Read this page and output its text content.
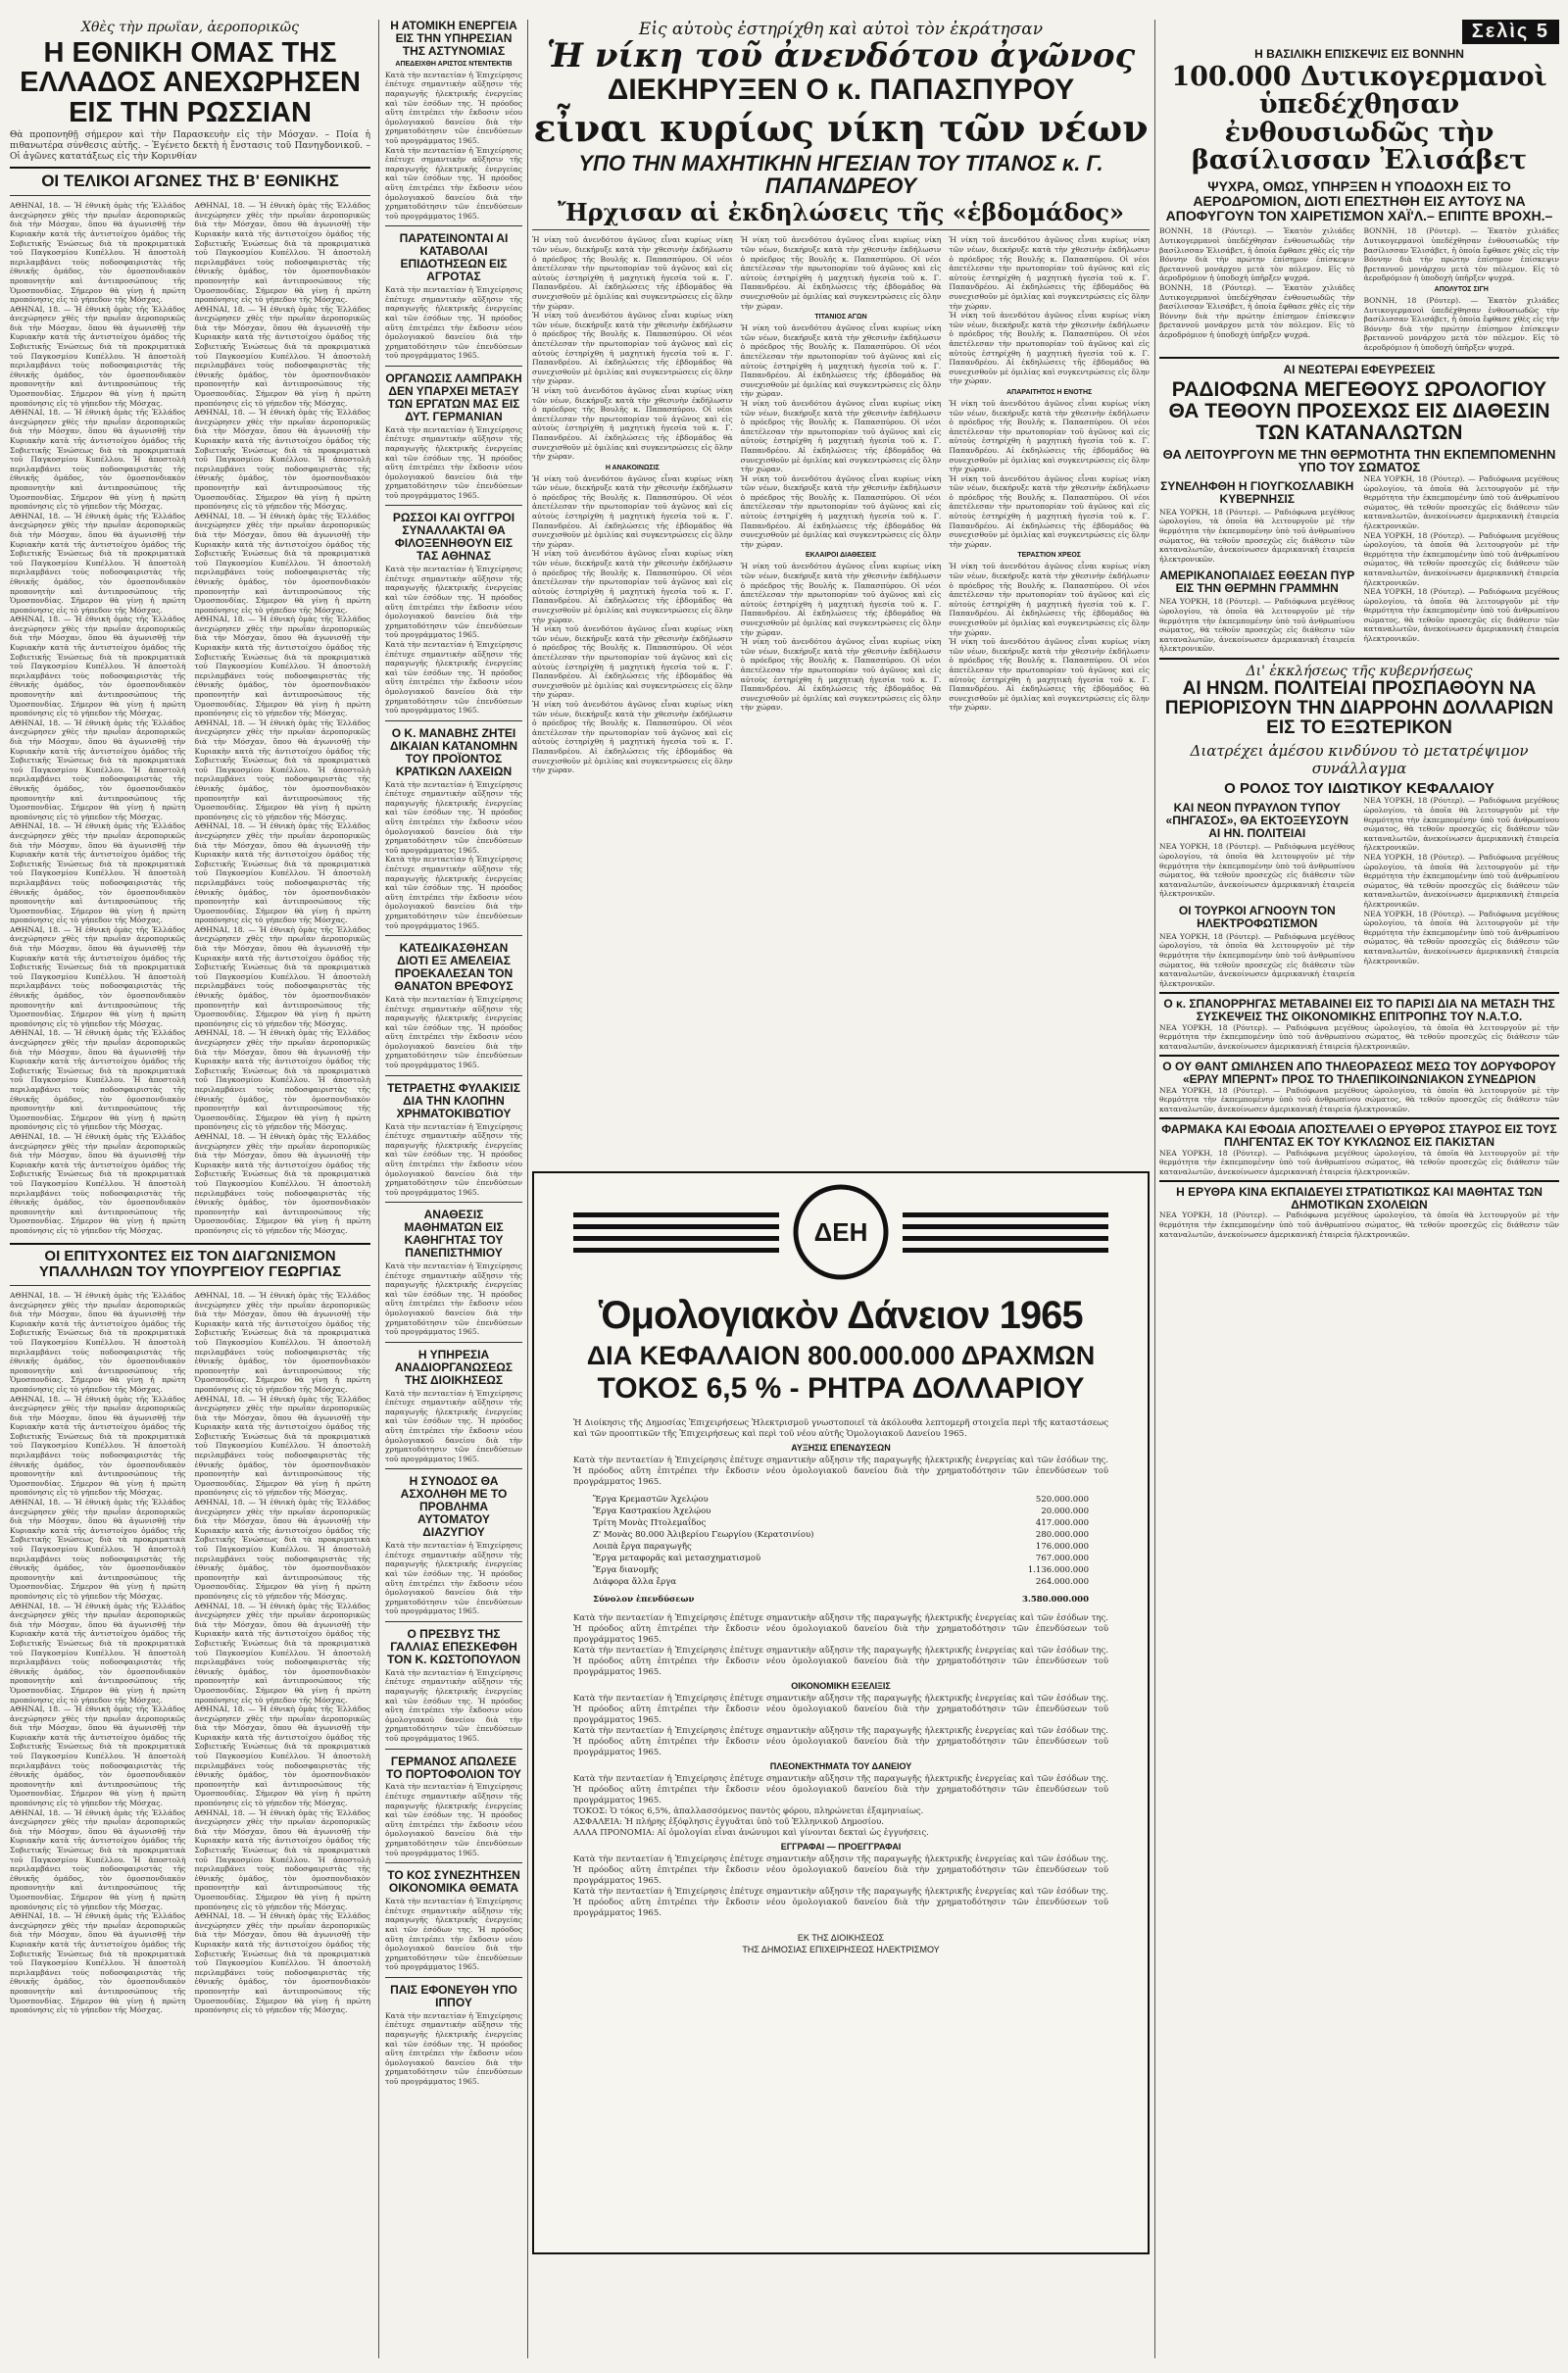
Χθὲς τὴν πρωΐαν, ἀεροπορικῶς

Η ΕΘΝΙΚΗ ΟΜΑΣ ΤΗΣ ΕΛΛΑΔΟΣ ΑΝΕΧΩΡΗΣΕΝ ΕΙΣ ΤΗΝ ΡΩΣΣΙΑΝ

Θὰ προπονηθῇ σήμερον καὶ τὴν Παρασκευὴν εἰς τὴν Μόσχαν. – Ποία ἡ πιθανωτέρα σύνθεσις αὐτῆς. – Ἐγένετο δεκτὴ ἡ ἔνστασις τοῦ Πανηγδονικοῦ. – Οἱ ἀγῶνες κατατάξεως εἰς τὴν Κορινθίαν

ΟΙ ΤΕΛΙΚΟΙ ΑΓΩΝΕΣ ΤΗΣ Β' ΕΘΝΙΚΗΣ

ΑΘΗΝΑΙ, 18. — Ἡ ἐθνικὴ ὁμὰς τῆς Ἑλλάδος ἀνεχώρησεν χθὲς τὴν πρωΐαν ἀεροπορικῶς διὰ τὴν Μόσχαν, ὅπου θὰ ἀγωνισθῇ τὴν Κυριακὴν κατὰ τῆς ἀντιστοίχου ὁμάδος τῆς Σοβιετικῆς Ἑνώσεως διὰ τὰ προκριματικὰ τοῦ Παγκοσμίου Κυπέλλου. Ἡ ἀποστολὴ περιλαμβάνει τοὺς ποδοσφαιριστὰς τῆς ἐθνικῆς ὁμάδος, τὸν ὁμοσπονδιακὸν προπονητὴν καὶ ἀντιπροσώπους τῆς Ὁμοσπονδίας. Σήμερον θὰ γίνῃ ἡ πρώτη προπόνησις εἰς τὸ γήπεδον τῆς Μόσχας.

ΑΘΗΝΑΙ, 18. — Ἡ ἐθνικὴ ὁμὰς τῆς Ἑλλάδος ἀνεχώρησεν χθὲς τὴν πρωΐαν ἀεροπορικῶς διὰ τὴν Μόσχαν, ὅπου θὰ ἀγωνισθῇ τὴν Κυριακὴν κατὰ τῆς ἀντιστοίχου ὁμάδος τῆς Σοβιετικῆς Ἑνώσεως διὰ τὰ προκριματικὰ τοῦ Παγκοσμίου Κυπέλλου. Ἡ ἀποστολὴ περιλαμβάνει τοὺς ποδοσφαιριστὰς τῆς ἐθνικῆς ὁμάδος, τὸν ὁμοσπονδιακὸν προπονητὴν καὶ ἀντιπροσώπους τῆς Ὁμοσπονδίας. Σήμερον θὰ γίνῃ ἡ πρώτη προπόνησις εἰς τὸ γήπεδον τῆς Μόσχας.

ΑΘΗΝΑΙ, 18. — Ἡ ἐθνικὴ ὁμὰς τῆς Ἑλλάδος ἀνεχώρησεν χθὲς τὴν πρωΐαν ἀεροπορικῶς διὰ τὴν Μόσχαν, ὅπου θὰ ἀγωνισθῇ τὴν Κυριακὴν κατὰ τῆς ἀντιστοίχου ὁμάδος τῆς Σοβιετικῆς Ἑνώσεως διὰ τὰ προκριματικὰ τοῦ Παγκοσμίου Κυπέλλου. Ἡ ἀποστολὴ περιλαμβάνει τοὺς ποδοσφαιριστὰς τῆς ἐθνικῆς ὁμάδος, τὸν ὁμοσπονδιακὸν προπονητὴν καὶ ἀντιπροσώπους τῆς Ὁμοσπονδίας. Σήμερον θὰ γίνῃ ἡ πρώτη προπόνησις εἰς τὸ γήπεδον τῆς Μόσχας.

ΑΘΗΝΑΙ, 18. — Ἡ ἐθνικὴ ὁμὰς τῆς Ἑλλάδος ἀνεχώρησεν χθὲς τὴν πρωΐαν ἀεροπορικῶς διὰ τὴν Μόσχαν, ὅπου θὰ ἀγωνισθῇ τὴν Κυριακὴν κατὰ τῆς ἀντιστοίχου ὁμάδος τῆς Σοβιετικῆς Ἑνώσεως διὰ τὰ προκριματικὰ τοῦ Παγκοσμίου Κυπέλλου. Ἡ ἀποστολὴ περιλαμβάνει τοὺς ποδοσφαιριστὰς τῆς ἐθνικῆς ὁμάδος, τὸν ὁμοσπονδιακὸν προπονητὴν καὶ ἀντιπροσώπους τῆς Ὁμοσπονδίας. Σήμερον θὰ γίνῃ ἡ πρώτη προπόνησις εἰς τὸ γήπεδον τῆς Μόσχας.

ΑΘΗΝΑΙ, 18. — Ἡ ἐθνικὴ ὁμὰς τῆς Ἑλλάδος ἀνεχώρησεν χθὲς τὴν πρωΐαν ἀεροπορικῶς διὰ τὴν Μόσχαν, ὅπου θὰ ἀγωνισθῇ τὴν Κυριακὴν κατὰ τῆς ἀντιστοίχου ὁμάδος τῆς Σοβιετικῆς Ἑνώσεως διὰ τὰ προκριματικὰ τοῦ Παγκοσμίου Κυπέλλου. Ἡ ἀποστολὴ περιλαμβάνει τοὺς ποδοσφαιριστὰς τῆς ἐθνικῆς ὁμάδος, τὸν ὁμοσπονδιακὸν προπονητὴν καὶ ἀντιπροσώπους τῆς Ὁμοσπονδίας. Σήμερον θὰ γίνῃ ἡ πρώτη προπόνησις εἰς τὸ γήπεδον τῆς Μόσχας.

ΑΘΗΝΑΙ, 18. — Ἡ ἐθνικὴ ὁμὰς τῆς Ἑλλάδος ἀνεχώρησεν χθὲς τὴν πρωΐαν ἀεροπορικῶς διὰ τὴν Μόσχαν, ὅπου θὰ ἀγωνισθῇ τὴν Κυριακὴν κατὰ τῆς ἀντιστοίχου ὁμάδος τῆς Σοβιετικῆς Ἑνώσεως διὰ τὰ προκριματικὰ τοῦ Παγκοσμίου Κυπέλλου. Ἡ ἀποστολὴ περιλαμβάνει τοὺς ποδοσφαιριστὰς τῆς ἐθνικῆς ὁμάδος, τὸν ὁμοσπονδιακὸν προπονητὴν καὶ ἀντιπροσώπους τῆς Ὁμοσπονδίας. Σήμερον θὰ γίνῃ ἡ πρώτη προπόνησις εἰς τὸ γήπεδον τῆς Μόσχας.

ΑΘΗΝΑΙ, 18. — Ἡ ἐθνικὴ ὁμὰς τῆς Ἑλλάδος ἀνεχώρησεν χθὲς τὴν πρωΐαν ἀεροπορικῶς διὰ τὴν Μόσχαν, ὅπου θὰ ἀγωνισθῇ τὴν Κυριακὴν κατὰ τῆς ἀντιστοίχου ὁμάδος τῆς Σοβιετικῆς Ἑνώσεως διὰ τὰ προκριματικὰ τοῦ Παγκοσμίου Κυπέλλου. Ἡ ἀποστολὴ περιλαμβάνει τοὺς ποδοσφαιριστὰς τῆς ἐθνικῆς ὁμάδος, τὸν ὁμοσπονδιακὸν προπονητὴν καὶ ἀντιπροσώπους τῆς Ὁμοσπονδίας. Σήμερον θὰ γίνῃ ἡ πρώτη προπόνησις εἰς τὸ γήπεδον τῆς Μόσχας.

ΑΘΗΝΑΙ, 18. — Ἡ ἐθνικὴ ὁμὰς τῆς Ἑλλάδος ἀνεχώρησεν χθὲς τὴν πρωΐαν ἀεροπορικῶς διὰ τὴν Μόσχαν, ὅπου θὰ ἀγωνισθῇ τὴν Κυριακὴν κατὰ τῆς ἀντιστοίχου ὁμάδος τῆς Σοβιετικῆς Ἑνώσεως διὰ τὰ προκριματικὰ τοῦ Παγκοσμίου Κυπέλλου. Ἡ ἀποστολὴ περιλαμβάνει τοὺς ποδοσφαιριστὰς τῆς ἐθνικῆς ὁμάδος, τὸν ὁμοσπονδιακὸν προπονητὴν καὶ ἀντιπροσώπους τῆς Ὁμοσπονδίας. Σήμερον θὰ γίνῃ ἡ πρώτη προπόνησις εἰς τὸ γήπεδον τῆς Μόσχας.

ΑΘΗΝΑΙ, 18. — Ἡ ἐθνικὴ ὁμὰς τῆς Ἑλλάδος ἀνεχώρησεν χθὲς τὴν πρωΐαν ἀεροπορικῶς διὰ τὴν Μόσχαν, ὅπου θὰ ἀγωνισθῇ τὴν Κυριακὴν κατὰ τῆς ἀντιστοίχου ὁμάδος τῆς Σοβιετικῆς Ἑνώσεως διὰ τὰ προκριματικὰ τοῦ Παγκοσμίου Κυπέλλου. Ἡ ἀποστολὴ περιλαμβάνει τοὺς ποδοσφαιριστὰς τῆς ἐθνικῆς ὁμάδος, τὸν ὁμοσπονδιακὸν προπονητὴν καὶ ἀντιπροσώπους τῆς Ὁμοσπονδίας. Σήμερον θὰ γίνῃ ἡ πρώτη προπόνησις εἰς τὸ γήπεδον τῆς Μόσχας.

ΑΘΗΝΑΙ, 18. — Ἡ ἐθνικὴ ὁμὰς τῆς Ἑλλάδος ἀνεχώρησεν χθὲς τὴν πρωΐαν ἀεροπορικῶς διὰ τὴν Μόσχαν, ὅπου θὰ ἀγωνισθῇ τὴν Κυριακὴν κατὰ τῆς ἀντιστοίχου ὁμάδος τῆς Σοβιετικῆς Ἑνώσεως διὰ τὰ προκριματικὰ τοῦ Παγκοσμίου Κυπέλλου. Ἡ ἀποστολὴ περιλαμβάνει τοὺς ποδοσφαιριστὰς τῆς ἐθνικῆς ὁμάδος, τὸν ὁμοσπονδιακὸν προπονητὴν καὶ ἀντιπροσώπους τῆς Ὁμοσπονδίας. Σήμερον θὰ γίνῃ ἡ πρώτη προπόνησις εἰς τὸ γήπεδον τῆς Μόσχας.

ΑΘΗΝΑΙ, 18. — Ἡ ἐθνικὴ ὁμὰς τῆς Ἑλλάδος ἀνεχώρησεν χθὲς τὴν πρωΐαν ἀεροπορικῶς διὰ τὴν Μόσχαν, ὅπου θὰ ἀγωνισθῇ τὴν Κυριακὴν κατὰ τῆς ἀντιστοίχου ὁμάδος τῆς Σοβιετικῆς Ἑνώσεως διὰ τὰ προκριματικὰ τοῦ Παγκοσμίου Κυπέλλου. Ἡ ἀποστολὴ περιλαμβάνει τοὺς ποδοσφαιριστὰς τῆς ἐθνικῆς ὁμάδος, τὸν ὁμοσπονδιακὸν προπονητὴν καὶ ἀντιπροσώπους τῆς Ὁμοσπονδίας. Σήμερον θὰ γίνῃ ἡ πρώτη προπόνησις εἰς τὸ γήπεδον τῆς Μόσχας.

ΑΘΗΝΑΙ, 18. — Ἡ ἐθνικὴ ὁμὰς τῆς Ἑλλάδος ἀνεχώρησεν χθὲς τὴν πρωΐαν ἀεροπορικῶς διὰ τὴν Μόσχαν, ὅπου θὰ ἀγωνισθῇ τὴν Κυριακὴν κατὰ τῆς ἀντιστοίχου ὁμάδος τῆς Σοβιετικῆς Ἑνώσεως διὰ τὰ προκριματικὰ τοῦ Παγκοσμίου Κυπέλλου. Ἡ ἀποστολὴ περιλαμβάνει τοὺς ποδοσφαιριστὰς τῆς ἐθνικῆς ὁμάδος, τὸν ὁμοσπονδιακὸν προπονητὴν καὶ ἀντιπροσώπους τῆς Ὁμοσπονδίας. Σήμερον θὰ γίνῃ ἡ πρώτη προπόνησις εἰς τὸ γήπεδον τῆς Μόσχας.

ΑΘΗΝΑΙ, 18. — Ἡ ἐθνικὴ ὁμὰς τῆς Ἑλλάδος ἀνεχώρησεν χθὲς τὴν πρωΐαν ἀεροπορικῶς διὰ τὴν Μόσχαν, ὅπου θὰ ἀγωνισθῇ τὴν Κυριακὴν κατὰ τῆς ἀντιστοίχου ὁμάδος τῆς Σοβιετικῆς Ἑνώσεως διὰ τὰ προκριματικὰ τοῦ Παγκοσμίου Κυπέλλου. Ἡ ἀποστολὴ περιλαμβάνει τοὺς ποδοσφαιριστὰς τῆς ἐθνικῆς ὁμάδος, τὸν ὁμοσπονδιακὸν προπονητὴν καὶ ἀντιπροσώπους τῆς Ὁμοσπονδίας. Σήμερον θὰ γίνῃ ἡ πρώτη προπόνησις εἰς τὸ γήπεδον τῆς Μόσχας.

ΑΘΗΝΑΙ, 18. — Ἡ ἐθνικὴ ὁμὰς τῆς Ἑλλάδος ἀνεχώρησεν χθὲς τὴν πρωΐαν ἀεροπορικῶς διὰ τὴν Μόσχαν, ὅπου θὰ ἀγωνισθῇ τὴν Κυριακὴν κατὰ τῆς ἀντιστοίχου ὁμάδος τῆς Σοβιετικῆς Ἑνώσεως διὰ τὰ προκριματικὰ τοῦ Παγκοσμίου Κυπέλλου. Ἡ ἀποστολὴ περιλαμβάνει τοὺς ποδοσφαιριστὰς τῆς ἐθνικῆς ὁμάδος, τὸν ὁμοσπονδιακὸν προπονητὴν καὶ ἀντιπροσώπους τῆς Ὁμοσπονδίας. Σήμερον θὰ γίνῃ ἡ πρώτη προπόνησις εἰς τὸ γήπεδον τῆς Μόσχας.

ΑΘΗΝΑΙ, 18. — Ἡ ἐθνικὴ ὁμὰς τῆς Ἑλλάδος ἀνεχώρησεν χθὲς τὴν πρωΐαν ἀεροπορικῶς διὰ τὴν Μόσχαν, ὅπου θὰ ἀγωνισθῇ τὴν Κυριακὴν κατὰ τῆς ἀντιστοίχου ὁμάδος τῆς Σοβιετικῆς Ἑνώσεως διὰ τὰ προκριματικὰ τοῦ Παγκοσμίου Κυπέλλου. Ἡ ἀποστολὴ περιλαμβάνει τοὺς ποδοσφαιριστὰς τῆς ἐθνικῆς ὁμάδος, τὸν ὁμοσπονδιακὸν προπονητὴν καὶ ἀντιπροσώπους τῆς Ὁμοσπονδίας. Σήμερον θὰ γίνῃ ἡ πρώτη προπόνησις εἰς τὸ γήπεδον τῆς Μόσχας.

ΑΘΗΝΑΙ, 18. — Ἡ ἐθνικὴ ὁμὰς τῆς Ἑλλάδος ἀνεχώρησεν χθὲς τὴν πρωΐαν ἀεροπορικῶς διὰ τὴν Μόσχαν, ὅπου θὰ ἀγωνισθῇ τὴν Κυριακὴν κατὰ τῆς ἀντιστοίχου ὁμάδος τῆς Σοβιετικῆς Ἑνώσεως διὰ τὰ προκριματικὰ τοῦ Παγκοσμίου Κυπέλλου. Ἡ ἀποστολὴ περιλαμβάνει τοὺς ποδοσφαιριστὰς τῆς ἐθνικῆς ὁμάδος, τὸν ὁμοσπονδιακὸν προπονητὴν καὶ ἀντιπροσώπους τῆς Ὁμοσπονδίας. Σήμερον θὰ γίνῃ ἡ πρώτη προπόνησις εἰς τὸ γήπεδον τῆς Μόσχας.

ΑΘΗΝΑΙ, 18. — Ἡ ἐθνικὴ ὁμὰς τῆς Ἑλλάδος ἀνεχώρησεν χθὲς τὴν πρωΐαν ἀεροπορικῶς διὰ τὴν Μόσχαν, ὅπου θὰ ἀγωνισθῇ τὴν Κυριακὴν κατὰ τῆς ἀντιστοίχου ὁμάδος τῆς Σοβιετικῆς Ἑνώσεως διὰ τὰ προκριματικὰ τοῦ Παγκοσμίου Κυπέλλου. Ἡ ἀποστολὴ περιλαμβάνει τοὺς ποδοσφαιριστὰς τῆς ἐθνικῆς ὁμάδος, τὸν ὁμοσπονδιακὸν προπονητὴν καὶ ἀντιπροσώπους τῆς Ὁμοσπονδίας. Σήμερον θὰ γίνῃ ἡ πρώτη προπόνησις εἰς τὸ γήπεδον τῆς Μόσχας.

ΑΘΗΝΑΙ, 18. — Ἡ ἐθνικὴ ὁμὰς τῆς Ἑλλάδος ἀνεχώρησεν χθὲς τὴν πρωΐαν ἀεροπορικῶς διὰ τὴν Μόσχαν, ὅπου θὰ ἀγωνισθῇ τὴν Κυριακὴν κατὰ τῆς ἀντιστοίχου ὁμάδος τῆς Σοβιετικῆς Ἑνώσεως διὰ τὰ προκριματικὰ τοῦ Παγκοσμίου Κυπέλλου. Ἡ ἀποστολὴ περιλαμβάνει τοὺς ποδοσφαιριστὰς τῆς ἐθνικῆς ὁμάδος, τὸν ὁμοσπονδιακὸν προπονητὴν καὶ ἀντιπροσώπους τῆς Ὁμοσπονδίας. Σήμερον θὰ γίνῃ ἡ πρώτη προπόνησις εἰς τὸ γήπεδον τῆς Μόσχας.

ΑΘΗΝΑΙ, 18. — Ἡ ἐθνικὴ ὁμὰς τῆς Ἑλλάδος ἀνεχώρησεν χθὲς τὴν πρωΐαν ἀεροπορικῶς διὰ τὴν Μόσχαν, ὅπου θὰ ἀγωνισθῇ τὴν Κυριακὴν κατὰ τῆς ἀντιστοίχου ὁμάδος τῆς Σοβιετικῆς Ἑνώσεως διὰ τὰ προκριματικὰ τοῦ Παγκοσμίου Κυπέλλου. Ἡ ἀποστολὴ περιλαμβάνει τοὺς ποδοσφαιριστὰς τῆς ἐθνικῆς ὁμάδος, τὸν ὁμοσπονδιακὸν προπονητὴν καὶ ἀντιπροσώπους τῆς Ὁμοσπονδίας. Σήμερον θὰ γίνῃ ἡ πρώτη προπόνησις εἰς τὸ γήπεδον τῆς Μόσχας.

ΑΘΗΝΑΙ, 18. — Ἡ ἐθνικὴ ὁμὰς τῆς Ἑλλάδος ἀνεχώρησεν χθὲς τὴν πρωΐαν ἀεροπορικῶς διὰ τὴν Μόσχαν, ὅπου θὰ ἀγωνισθῇ τὴν Κυριακὴν κατὰ τῆς ἀντιστοίχου ὁμάδος τῆς Σοβιετικῆς Ἑνώσεως διὰ τὰ προκριματικὰ τοῦ Παγκοσμίου Κυπέλλου. Ἡ ἀποστολὴ περιλαμβάνει τοὺς ποδοσφαιριστὰς τῆς ἐθνικῆς ὁμάδος, τὸν ὁμοσπονδιακὸν προπονητὴν καὶ ἀντιπροσώπους τῆς Ὁμοσπονδίας. Σήμερον θὰ γίνῃ ἡ πρώτη προπόνησις εἰς τὸ γήπεδον τῆς Μόσχας.

ΟΙ ΕΠΙΤΥΧΟΝΤΕΣ ΕΙΣ ΤΟΝ ΔΙΑΓΩΝΙΣΜΟΝ ΥΠΑΛΛΗΛΩΝ ΤΟΥ ΥΠΟΥΡΓΕΙΟΥ ΓΕΩΡΓΙΑΣ

ΑΘΗΝΑΙ, 18. — Ἡ ἐθνικὴ ὁμὰς τῆς Ἑλλάδος ἀνεχώρησεν χθὲς τὴν πρωΐαν ἀεροπορικῶς διὰ τὴν Μόσχαν, ὅπου θὰ ἀγωνισθῇ τὴν Κυριακὴν κατὰ τῆς ἀντιστοίχου ὁμάδος τῆς Σοβιετικῆς Ἑνώσεως διὰ τὰ προκριματικὰ τοῦ Παγκοσμίου Κυπέλλου. Ἡ ἀποστολὴ περιλαμβάνει τοὺς ποδοσφαιριστὰς τῆς ἐθνικῆς ὁμάδος, τὸν ὁμοσπονδιακὸν προπονητὴν καὶ ἀντιπροσώπους τῆς Ὁμοσπονδίας. Σήμερον θὰ γίνῃ ἡ πρώτη προπόνησις εἰς τὸ γήπεδον τῆς Μόσχας.

ΑΘΗΝΑΙ, 18. — Ἡ ἐθνικὴ ὁμὰς τῆς Ἑλλάδος ἀνεχώρησεν χθὲς τὴν πρωΐαν ἀεροπορικῶς διὰ τὴν Μόσχαν, ὅπου θὰ ἀγωνισθῇ τὴν Κυριακὴν κατὰ τῆς ἀντιστοίχου ὁμάδος τῆς Σοβιετικῆς Ἑνώσεως διὰ τὰ προκριματικὰ τοῦ Παγκοσμίου Κυπέλλου. Ἡ ἀποστολὴ περιλαμβάνει τοὺς ποδοσφαιριστὰς τῆς ἐθνικῆς ὁμάδος, τὸν ὁμοσπονδιακὸν προπονητὴν καὶ ἀντιπροσώπους τῆς Ὁμοσπονδίας. Σήμερον θὰ γίνῃ ἡ πρώτη προπόνησις εἰς τὸ γήπεδον τῆς Μόσχας.

ΑΘΗΝΑΙ, 18. — Ἡ ἐθνικὴ ὁμὰς τῆς Ἑλλάδος ἀνεχώρησεν χθὲς τὴν πρωΐαν ἀεροπορικῶς διὰ τὴν Μόσχαν, ὅπου θὰ ἀγωνισθῇ τὴν Κυριακὴν κατὰ τῆς ἀντιστοίχου ὁμάδος τῆς Σοβιετικῆς Ἑνώσεως διὰ τὰ προκριματικὰ τοῦ Παγκοσμίου Κυπέλλου. Ἡ ἀποστολὴ περιλαμβάνει τοὺς ποδοσφαιριστὰς τῆς ἐθνικῆς ὁμάδος, τὸν ὁμοσπονδιακὸν προπονητὴν καὶ ἀντιπροσώπους τῆς Ὁμοσπονδίας. Σήμερον θὰ γίνῃ ἡ πρώτη προπόνησις εἰς τὸ γήπεδον τῆς Μόσχας.

ΑΘΗΝΑΙ, 18. — Ἡ ἐθνικὴ ὁμὰς τῆς Ἑλλάδος ἀνεχώρησεν χθὲς τὴν πρωΐαν ἀεροπορικῶς διὰ τὴν Μόσχαν, ὅπου θὰ ἀγωνισθῇ τὴν Κυριακὴν κατὰ τῆς ἀντιστοίχου ὁμάδος τῆς Σοβιετικῆς Ἑνώσεως διὰ τὰ προκριματικὰ τοῦ Παγκοσμίου Κυπέλλου. Ἡ ἀποστολὴ περιλαμβάνει τοὺς ποδοσφαιριστὰς τῆς ἐθνικῆς ὁμάδος, τὸν ὁμοσπονδιακὸν προπονητὴν καὶ ἀντιπροσώπους τῆς Ὁμοσπονδίας. Σήμερον θὰ γίνῃ ἡ πρώτη προπόνησις εἰς τὸ γήπεδον τῆς Μόσχας.

ΑΘΗΝΑΙ, 18. — Ἡ ἐθνικὴ ὁμὰς τῆς Ἑλλάδος ἀνεχώρησεν χθὲς τὴν πρωΐαν ἀεροπορικῶς διὰ τὴν Μόσχαν, ὅπου θὰ ἀγωνισθῇ τὴν Κυριακὴν κατὰ τῆς ἀντιστοίχου ὁμάδος τῆς Σοβιετικῆς Ἑνώσεως διὰ τὰ προκριματικὰ τοῦ Παγκοσμίου Κυπέλλου. Ἡ ἀποστολὴ περιλαμβάνει τοὺς ποδοσφαιριστὰς τῆς ἐθνικῆς ὁμάδος, τὸν ὁμοσπονδιακὸν προπονητὴν καὶ ἀντιπροσώπους τῆς Ὁμοσπονδίας. Σήμερον θὰ γίνῃ ἡ πρώτη προπόνησις εἰς τὸ γήπεδον τῆς Μόσχας.

ΑΘΗΝΑΙ, 18. — Ἡ ἐθνικὴ ὁμὰς τῆς Ἑλλάδος ἀνεχώρησεν χθὲς τὴν πρωΐαν ἀεροπορικῶς διὰ τὴν Μόσχαν, ὅπου θὰ ἀγωνισθῇ τὴν Κυριακὴν κατὰ τῆς ἀντιστοίχου ὁμάδος τῆς Σοβιετικῆς Ἑνώσεως διὰ τὰ προκριματικὰ τοῦ Παγκοσμίου Κυπέλλου. Ἡ ἀποστολὴ περιλαμβάνει τοὺς ποδοσφαιριστὰς τῆς ἐθνικῆς ὁμάδος, τὸν ὁμοσπονδιακὸν προπονητὴν καὶ ἀντιπροσώπους τῆς Ὁμοσπονδίας. Σήμερον θὰ γίνῃ ἡ πρώτη προπόνησις εἰς τὸ γήπεδον τῆς Μόσχας.

ΑΘΗΝΑΙ, 18. — Ἡ ἐθνικὴ ὁμὰς τῆς Ἑλλάδος ἀνεχώρησεν χθὲς τὴν πρωΐαν ἀεροπορικῶς διὰ τὴν Μόσχαν, ὅπου θὰ ἀγωνισθῇ τὴν Κυριακὴν κατὰ τῆς ἀντιστοίχου ὁμάδος τῆς Σοβιετικῆς Ἑνώσεως διὰ τὰ προκριματικὰ τοῦ Παγκοσμίου Κυπέλλου. Ἡ ἀποστολὴ περιλαμβάνει τοὺς ποδοσφαιριστὰς τῆς ἐθνικῆς ὁμάδος, τὸν ὁμοσπονδιακὸν προπονητὴν καὶ ἀντιπροσώπους τῆς Ὁμοσπονδίας. Σήμερον θὰ γίνῃ ἡ πρώτη προπόνησις εἰς τὸ γήπεδον τῆς Μόσχας.

ΑΘΗΝΑΙ, 18. — Ἡ ἐθνικὴ ὁμὰς τῆς Ἑλλάδος ἀνεχώρησεν χθὲς τὴν πρωΐαν ἀεροπορικῶς διὰ τὴν Μόσχαν, ὅπου θὰ ἀγωνισθῇ τὴν Κυριακὴν κατὰ τῆς ἀντιστοίχου ὁμάδος τῆς Σοβιετικῆς Ἑνώσεως διὰ τὰ προκριματικὰ τοῦ Παγκοσμίου Κυπέλλου. Ἡ ἀποστολὴ περιλαμβάνει τοὺς ποδοσφαιριστὰς τῆς ἐθνικῆς ὁμάδος, τὸν ὁμοσπονδιακὸν προπονητὴν καὶ ἀντιπροσώπους τῆς Ὁμοσπονδίας. Σήμερον θὰ γίνῃ ἡ πρώτη προπόνησις εἰς τὸ γήπεδον τῆς Μόσχας.

ΑΘΗΝΑΙ, 18. — Ἡ ἐθνικὴ ὁμὰς τῆς Ἑλλάδος ἀνεχώρησεν χθὲς τὴν πρωΐαν ἀεροπορικῶς διὰ τὴν Μόσχαν, ὅπου θὰ ἀγωνισθῇ τὴν Κυριακὴν κατὰ τῆς ἀντιστοίχου ὁμάδος τῆς Σοβιετικῆς Ἑνώσεως διὰ τὰ προκριματικὰ τοῦ Παγκοσμίου Κυπέλλου. Ἡ ἀποστολὴ περιλαμβάνει τοὺς ποδοσφαιριστὰς τῆς ἐθνικῆς ὁμάδος, τὸν ὁμοσπονδιακὸν προπονητὴν καὶ ἀντιπροσώπους τῆς Ὁμοσπονδίας. Σήμερον θὰ γίνῃ ἡ πρώτη προπόνησις εἰς τὸ γήπεδον τῆς Μόσχας.

ΑΘΗΝΑΙ, 18. — Ἡ ἐθνικὴ ὁμὰς τῆς Ἑλλάδος ἀνεχώρησεν χθὲς τὴν πρωΐαν ἀεροπορικῶς διὰ τὴν Μόσχαν, ὅπου θὰ ἀγωνισθῇ τὴν Κυριακὴν κατὰ τῆς ἀντιστοίχου ὁμάδος τῆς Σοβιετικῆς Ἑνώσεως διὰ τὰ προκριματικὰ τοῦ Παγκοσμίου Κυπέλλου. Ἡ ἀποστολὴ περιλαμβάνει τοὺς ποδοσφαιριστὰς τῆς ἐθνικῆς ὁμάδος, τὸν ὁμοσπονδιακὸν προπονητὴν καὶ ἀντιπροσώπους τῆς Ὁμοσπονδίας. Σήμερον θὰ γίνῃ ἡ πρώτη προπόνησις εἰς τὸ γήπεδον τῆς Μόσχας.

ΑΘΗΝΑΙ, 18. — Ἡ ἐθνικὴ ὁμὰς τῆς Ἑλλάδος ἀνεχώρησεν χθὲς τὴν πρωΐαν ἀεροπορικῶς διὰ τὴν Μόσχαν, ὅπου θὰ ἀγωνισθῇ τὴν Κυριακὴν κατὰ τῆς ἀντιστοίχου ὁμάδος τῆς Σοβιετικῆς Ἑνώσεως διὰ τὰ προκριματικὰ τοῦ Παγκοσμίου Κυπέλλου. Ἡ ἀποστολὴ περιλαμβάνει τοὺς ποδοσφαιριστὰς τῆς ἐθνικῆς ὁμάδος, τὸν ὁμοσπονδιακὸν προπονητὴν καὶ ἀντιπροσώπους τῆς Ὁμοσπονδίας. Σήμερον θὰ γίνῃ ἡ πρώτη προπόνησις εἰς τὸ γήπεδον τῆς Μόσχας.

ΑΘΗΝΑΙ, 18. — Ἡ ἐθνικὴ ὁμὰς τῆς Ἑλλάδος ἀνεχώρησεν χθὲς τὴν πρωΐαν ἀεροπορικῶς διὰ τὴν Μόσχαν, ὅπου θὰ ἀγωνισθῇ τὴν Κυριακὴν κατὰ τῆς ἀντιστοίχου ὁμάδος τῆς Σοβιετικῆς Ἑνώσεως διὰ τὰ προκριματικὰ τοῦ Παγκοσμίου Κυπέλλου. Ἡ ἀποστολὴ περιλαμβάνει τοὺς ποδοσφαιριστὰς τῆς ἐθνικῆς ὁμάδος, τὸν ὁμοσπονδιακὸν προπονητὴν καὶ ἀντιπροσώπους τῆς Ὁμοσπονδίας. Σήμερον θὰ γίνῃ ἡ πρώτη προπόνησις εἰς τὸ γήπεδον τῆς Μόσχας.

ΑΘΗΝΑΙ, 18. — Ἡ ἐθνικὴ ὁμὰς τῆς Ἑλλάδος ἀνεχώρησεν χθὲς τὴν πρωΐαν ἀεροπορικῶς διὰ τὴν Μόσχαν, ὅπου θὰ ἀγωνισθῇ τὴν Κυριακὴν κατὰ τῆς ἀντιστοίχου ὁμάδος τῆς Σοβιετικῆς Ἑνώσεως διὰ τὰ προκριματικὰ τοῦ Παγκοσμίου Κυπέλλου. Ἡ ἀποστολὴ περιλαμβάνει τοὺς ποδοσφαιριστὰς τῆς ἐθνικῆς ὁμάδος, τὸν ὁμοσπονδιακὸν προπονητὴν καὶ ἀντιπροσώπους τῆς Ὁμοσπονδίας. Σήμερον θὰ γίνῃ ἡ πρώτη προπόνησις εἰς τὸ γήπεδον τῆς Μόσχας.

ΑΘΗΝΑΙ, 18. — Ἡ ἐθνικὴ ὁμὰς τῆς Ἑλλάδος ἀνεχώρησεν χθὲς τὴν πρωΐαν ἀεροπορικῶς διὰ τὴν Μόσχαν, ὅπου θὰ ἀγωνισθῇ τὴν Κυριακὴν κατὰ τῆς ἀντιστοίχου ὁμάδος τῆς Σοβιετικῆς Ἑνώσεως διὰ τὰ προκριματικὰ τοῦ Παγκοσμίου Κυπέλλου. Ἡ ἀποστολὴ περιλαμβάνει τοὺς ποδοσφαιριστὰς τῆς ἐθνικῆς ὁμάδος, τὸν ὁμοσπονδιακὸν προπονητὴν καὶ ἀντιπροσώπους τῆς Ὁμοσπονδίας. Σήμερον θὰ γίνῃ ἡ πρώτη προπόνησις εἰς τὸ γήπεδον τῆς Μόσχας.

Η ΑΤΟΜΙΚΗ ΕΝΕΡΓΕΙΑ ΕΙΣ ΤΗΝ ΥΠΗΡΕΣΙΑΝ ΤΗΣ ΑΣΤΥΝΟΜΙΑΣ

ΑΠΕΔΕΙΧΘΗ ΑΡΙΣΤΟΣ ΝΤΕΝΤΕΚΤΙΒ

Κατὰ τὴν πενταετίαν ἡ Ἐπιχείρησις ἐπέτυχε σημαντικὴν αὔξησιν τῆς παραγωγῆς ἠλεκτρικῆς ἐνεργείας καὶ τῶν ἐσόδων της. Ἡ πρόοδος αὕτη ἐπιτρέπει τὴν ἔκδοσιν νέου ὁμολογιακοῦ δανείου διὰ τὴν χρηματοδότησιν τῶν ἐπενδύσεων τοῦ προγράμματος 1965.

Κατὰ τὴν πενταετίαν ἡ Ἐπιχείρησις ἐπέτυχε σημαντικὴν αὔξησιν τῆς παραγωγῆς ἠλεκτρικῆς ἐνεργείας καὶ τῶν ἐσόδων της. Ἡ πρόοδος αὕτη ἐπιτρέπει τὴν ἔκδοσιν νέου ὁμολογιακοῦ δανείου διὰ τὴν χρηματοδότησιν τῶν ἐπενδύσεων τοῦ προγράμματος 1965.

ΠΑΡΑΤΕΙΝΟΝΤΑΙ ΑΙ ΚΑΤΑΒΟΛΑΙ ΕΠΙΔΟΤΗΣΕΩΝ ΕΙΣ ΑΓΡΟΤΑΣ

Κατὰ τὴν πενταετίαν ἡ Ἐπιχείρησις ἐπέτυχε σημαντικὴν αὔξησιν τῆς παραγωγῆς ἠλεκτρικῆς ἐνεργείας καὶ τῶν ἐσόδων της. Ἡ πρόοδος αὕτη ἐπιτρέπει τὴν ἔκδοσιν νέου ὁμολογιακοῦ δανείου διὰ τὴν χρηματοδότησιν τῶν ἐπενδύσεων τοῦ προγράμματος 1965.

ΟΡΓΑΝΩΣΙΣ ΛΑΜΠΡΑΚΗ ΔΕΝ ΥΠΑΡΧΕΙ ΜΕΤΑΞΥ ΤΩΝ ΕΡΓΑΤΩΝ ΜΑΣ ΕΙΣ ΔΥΤ. ΓΕΡΜΑΝΙΑΝ

Κατὰ τὴν πενταετίαν ἡ Ἐπιχείρησις ἐπέτυχε σημαντικὴν αὔξησιν τῆς παραγωγῆς ἠλεκτρικῆς ἐνεργείας καὶ τῶν ἐσόδων της. Ἡ πρόοδος αὕτη ἐπιτρέπει τὴν ἔκδοσιν νέου ὁμολογιακοῦ δανείου διὰ τὴν χρηματοδότησιν τῶν ἐπενδύσεων τοῦ προγράμματος 1965.

ΡΩΣΣΟΙ ΚΑΙ ΟΥΓΓΡΟΙ ΣΥΝΑΛΛΑΚΤΑΙ ΘΑ ΦΙΛΟΞΕΝΗΘΟΥΝ ΕΙΣ ΤΑΣ ΑΘΗΝΑΣ

Κατὰ τὴν πενταετίαν ἡ Ἐπιχείρησις ἐπέτυχε σημαντικὴν αὔξησιν τῆς παραγωγῆς ἠλεκτρικῆς ἐνεργείας καὶ τῶν ἐσόδων της. Ἡ πρόοδος αὕτη ἐπιτρέπει τὴν ἔκδοσιν νέου ὁμολογιακοῦ δανείου διὰ τὴν χρηματοδότησιν τῶν ἐπενδύσεων τοῦ προγράμματος 1965.

Κατὰ τὴν πενταετίαν ἡ Ἐπιχείρησις ἐπέτυχε σημαντικὴν αὔξησιν τῆς παραγωγῆς ἠλεκτρικῆς ἐνεργείας καὶ τῶν ἐσόδων της. Ἡ πρόοδος αὕτη ἐπιτρέπει τὴν ἔκδοσιν νέου ὁμολογιακοῦ δανείου διὰ τὴν χρηματοδότησιν τῶν ἐπενδύσεων τοῦ προγράμματος 1965.

Ο Κ. ΜΑΝΑΒΗΣ ΖΗΤΕΙ ΔΙΚΑΙΑΝ ΚΑΤΑΝΟΜΗΝ ΤΟΥ ΠΡΟΪΟΝΤΟΣ ΚΡΑΤΙΚΩΝ ΛΑΧΕΙΩΝ

Κατὰ τὴν πενταετίαν ἡ Ἐπιχείρησις ἐπέτυχε σημαντικὴν αὔξησιν τῆς παραγωγῆς ἠλεκτρικῆς ἐνεργείας καὶ τῶν ἐσόδων της. Ἡ πρόοδος αὕτη ἐπιτρέπει τὴν ἔκδοσιν νέου ὁμολογιακοῦ δανείου διὰ τὴν χρηματοδότησιν τῶν ἐπενδύσεων τοῦ προγράμματος 1965.

Κατὰ τὴν πενταετίαν ἡ Ἐπιχείρησις ἐπέτυχε σημαντικὴν αὔξησιν τῆς παραγωγῆς ἠλεκτρικῆς ἐνεργείας καὶ τῶν ἐσόδων της. Ἡ πρόοδος αὕτη ἐπιτρέπει τὴν ἔκδοσιν νέου ὁμολογιακοῦ δανείου διὰ τὴν χρηματοδότησιν τῶν ἐπενδύσεων τοῦ προγράμματος 1965.

ΚΑΤΕΔΙΚΑΣΘΗΣΑΝ ΔΙΟΤΙ ΕΞ ΑΜΕΛΕΙΑΣ ΠΡΟΕΚΑΛΕΣΑΝ ΤΟΝ ΘΑΝΑΤΟΝ ΒΡΕΦΟΥΣ

Κατὰ τὴν πενταετίαν ἡ Ἐπιχείρησις ἐπέτυχε σημαντικὴν αὔξησιν τῆς παραγωγῆς ἠλεκτρικῆς ἐνεργείας καὶ τῶν ἐσόδων της. Ἡ πρόοδος αὕτη ἐπιτρέπει τὴν ἔκδοσιν νέου ὁμολογιακοῦ δανείου διὰ τὴν χρηματοδότησιν τῶν ἐπενδύσεων τοῦ προγράμματος 1965.

ΤΕΤΡΑΕΤΗΣ ΦΥΛΑΚΙΣΙΣ ΔΙΑ ΤΗΝ ΚΛΟΠΗΝ ΧΡΗΜΑΤΟΚΙΒΩΤΙΟΥ

Κατὰ τὴν πενταετίαν ἡ Ἐπιχείρησις ἐπέτυχε σημαντικὴν αὔξησιν τῆς παραγωγῆς ἠλεκτρικῆς ἐνεργείας καὶ τῶν ἐσόδων της. Ἡ πρόοδος αὕτη ἐπιτρέπει τὴν ἔκδοσιν νέου ὁμολογιακοῦ δανείου διὰ τὴν χρηματοδότησιν τῶν ἐπενδύσεων τοῦ προγράμματος 1965.

ΑΝΑΘΕΣΙΣ ΜΑΘΗΜΑΤΩΝ ΕΙΣ ΚΑΘΗΓΗΤΑΣ ΤΟΥ ΠΑΝΕΠΙΣΤΗΜΙΟΥ

Κατὰ τὴν πενταετίαν ἡ Ἐπιχείρησις ἐπέτυχε σημαντικὴν αὔξησιν τῆς παραγωγῆς ἠλεκτρικῆς ἐνεργείας καὶ τῶν ἐσόδων της. Ἡ πρόοδος αὕτη ἐπιτρέπει τὴν ἔκδοσιν νέου ὁμολογιακοῦ δανείου διὰ τὴν χρηματοδότησιν τῶν ἐπενδύσεων τοῦ προγράμματος 1965.

Η ΥΠΗΡΕΣΙΑ ΑΝΑΔΙΟΡΓΑΝΩΣΕΩΣ ΤΗΣ ΔΙΟΙΚΗΣΕΩΣ

Κατὰ τὴν πενταετίαν ἡ Ἐπιχείρησις ἐπέτυχε σημαντικὴν αὔξησιν τῆς παραγωγῆς ἠλεκτρικῆς ἐνεργείας καὶ τῶν ἐσόδων της. Ἡ πρόοδος αὕτη ἐπιτρέπει τὴν ἔκδοσιν νέου ὁμολογιακοῦ δανείου διὰ τὴν χρηματοδότησιν τῶν ἐπενδύσεων τοῦ προγράμματος 1965.

Η ΣΥΝΟΔΟΣ ΘΑ ΑΣΧΟΛΗΘΗ ΜΕ ΤΟ ΠΡΟΒΛΗΜΑ ΑΥΤΟΜΑΤΟΥ ΔΙΑΖΥΓΙΟΥ

Κατὰ τὴν πενταετίαν ἡ Ἐπιχείρησις ἐπέτυχε σημαντικὴν αὔξησιν τῆς παραγωγῆς ἠλεκτρικῆς ἐνεργείας καὶ τῶν ἐσόδων της. Ἡ πρόοδος αὕτη ἐπιτρέπει τὴν ἔκδοσιν νέου ὁμολογιακοῦ δανείου διὰ τὴν χρηματοδότησιν τῶν ἐπενδύσεων τοῦ προγράμματος 1965.

Ο ΠΡΕΣΒΥΣ ΤΗΣ ΓΑΛΛΙΑΣ ΕΠΕΣΚΕΦΘΗ ΤΟΝ Κ. ΚΩΣΤΟΠΟΥΛΟΝ

Κατὰ τὴν πενταετίαν ἡ Ἐπιχείρησις ἐπέτυχε σημαντικὴν αὔξησιν τῆς παραγωγῆς ἠλεκτρικῆς ἐνεργείας καὶ τῶν ἐσόδων της. Ἡ πρόοδος αὕτη ἐπιτρέπει τὴν ἔκδοσιν νέου ὁμολογιακοῦ δανείου διὰ τὴν χρηματοδότησιν τῶν ἐπενδύσεων τοῦ προγράμματος 1965.

ΓΕΡΜΑΝΟΣ ΑΠΩΛΕΣΕ ΤΟ ΠΟΡΤΟΦΟΛΙΟΝ ΤΟΥ

Κατὰ τὴν πενταετίαν ἡ Ἐπιχείρησις ἐπέτυχε σημαντικὴν αὔξησιν τῆς παραγωγῆς ἠλεκτρικῆς ἐνεργείας καὶ τῶν ἐσόδων της. Ἡ πρόοδος αὕτη ἐπιτρέπει τὴν ἔκδοσιν νέου ὁμολογιακοῦ δανείου διὰ τὴν χρηματοδότησιν τῶν ἐπενδύσεων τοῦ προγράμματος 1965.

ΤΟ ΚΟΣ ΣΥΝΕΖΗΤΗΣΕΝ ΟΙΚΟΝΟΜΙΚΑ ΘΕΜΑΤΑ

Κατὰ τὴν πενταετίαν ἡ Ἐπιχείρησις ἐπέτυχε σημαντικὴν αὔξησιν τῆς παραγωγῆς ἠλεκτρικῆς ἐνεργείας καὶ τῶν ἐσόδων της. Ἡ πρόοδος αὕτη ἐπιτρέπει τὴν ἔκδοσιν νέου ὁμολογιακοῦ δανείου διὰ τὴν χρηματοδότησιν τῶν ἐπενδύσεων τοῦ προγράμματος 1965.

ΠΑΙΣ ΕΦΟΝΕΥΘΗ ΥΠΟ ΙΠΠΟΥ

Κατὰ τὴν πενταετίαν ἡ Ἐπιχείρησις ἐπέτυχε σημαντικὴν αὔξησιν τῆς παραγωγῆς ἠλεκτρικῆς ἐνεργείας καὶ τῶν ἐσόδων της. Ἡ πρόοδος αὕτη ἐπιτρέπει τὴν ἔκδοσιν νέου ὁμολογιακοῦ δανείου διὰ τὴν χρηματοδότησιν τῶν ἐπενδύσεων τοῦ προγράμματος 1965.

Εἰς αὐτοὺς ἐστηρίχθη καὶ αὐτοὶ τὸν ἐκράτησαν

Ἡ νίκη τοῦ ἀνενδότου ἀγῶνος
ΔΙΕΚΗΡΥΞΕΝ Ο κ. ΠΑΠΑΣΠΥΡΟΥ
εἶναι κυρίως νίκη τῶν νέων
ΥΠΟ ΤΗΝ ΜΑΧΗΤΙΚΗΝ ΗΓΕΣΙΑΝ ΤΟΥ ΤΙΤΑΝΟΣ κ. Γ. ΠΑΠΑΝΔΡΕΟΥ
Ἤρχισαν αἱ ἐκδηλώσεις τῆς «ἑβδομάδος»

Ἡ νίκη τοῦ ἀνενδότου ἀγῶνος εἶναι κυρίως νίκη τῶν νέων, διεκήρυξε κατὰ τὴν χθεσινὴν ἐκδήλωσιν ὁ πρόεδρος τῆς Βουλῆς κ. Παπασπύρου. Οἱ νέοι ἀπετέλεσαν τὴν πρωτοπορίαν τοῦ ἀγῶνος καὶ εἰς αὐτοὺς ἐστηρίχθη ἡ μαχητικὴ ἡγεσία τοῦ κ. Γ. Παπανδρέου. Αἱ ἐκδηλώσεις τῆς ἑβδομάδος θὰ συνεχισθοῦν μὲ ὁμιλίας καὶ συγκεντρώσεις εἰς ὅλην τὴν χώραν.

Ἡ νίκη τοῦ ἀνενδότου ἀγῶνος εἶναι κυρίως νίκη τῶν νέων, διεκήρυξε κατὰ τὴν χθεσινὴν ἐκδήλωσιν ὁ πρόεδρος τῆς Βουλῆς κ. Παπασπύρου. Οἱ νέοι ἀπετέλεσαν τὴν πρωτοπορίαν τοῦ ἀγῶνος καὶ εἰς αὐτοὺς ἐστηρίχθη ἡ μαχητικὴ ἡγεσία τοῦ κ. Γ. Παπανδρέου. Αἱ ἐκδηλώσεις τῆς ἑβδομάδος θὰ συνεχισθοῦν μὲ ὁμιλίας καὶ συγκεντρώσεις εἰς ὅλην τὴν χώραν.

Ἡ νίκη τοῦ ἀνενδότου ἀγῶνος εἶναι κυρίως νίκη τῶν νέων, διεκήρυξε κατὰ τὴν χθεσινὴν ἐκδήλωσιν ὁ πρόεδρος τῆς Βουλῆς κ. Παπασπύρου. Οἱ νέοι ἀπετέλεσαν τὴν πρωτοπορίαν τοῦ ἀγῶνος καὶ εἰς αὐτοὺς ἐστηρίχθη ἡ μαχητικὴ ἡγεσία τοῦ κ. Γ. Παπανδρέου. Αἱ ἐκδηλώσεις τῆς ἑβδομάδος θὰ συνεχισθοῦν μὲ ὁμιλίας καὶ συγκεντρώσεις εἰς ὅλην τὴν χώραν.

Η ΑΝΑΚΟΙΝΩΣΙΣ

Ἡ νίκη τοῦ ἀνενδότου ἀγῶνος εἶναι κυρίως νίκη τῶν νέων, διεκήρυξε κατὰ τὴν χθεσινὴν ἐκδήλωσιν ὁ πρόεδρος τῆς Βουλῆς κ. Παπασπύρου. Οἱ νέοι ἀπετέλεσαν τὴν πρωτοπορίαν τοῦ ἀγῶνος καὶ εἰς αὐτοὺς ἐστηρίχθη ἡ μαχητικὴ ἡγεσία τοῦ κ. Γ. Παπανδρέου. Αἱ ἐκδηλώσεις τῆς ἑβδομάδος θὰ συνεχισθοῦν μὲ ὁμιλίας καὶ συγκεντρώσεις εἰς ὅλην τὴν χώραν.

Ἡ νίκη τοῦ ἀνενδότου ἀγῶνος εἶναι κυρίως νίκη τῶν νέων, διεκήρυξε κατὰ τὴν χθεσινὴν ἐκδήλωσιν ὁ πρόεδρος τῆς Βουλῆς κ. Παπασπύρου. Οἱ νέοι ἀπετέλεσαν τὴν πρωτοπορίαν τοῦ ἀγῶνος καὶ εἰς αὐτοὺς ἐστηρίχθη ἡ μαχητικὴ ἡγεσία τοῦ κ. Γ. Παπανδρέου. Αἱ ἐκδηλώσεις τῆς ἑβδομάδος θὰ συνεχισθοῦν μὲ ὁμιλίας καὶ συγκεντρώσεις εἰς ὅλην τὴν χώραν.

Ἡ νίκη τοῦ ἀνενδότου ἀγῶνος εἶναι κυρίως νίκη τῶν νέων, διεκήρυξε κατὰ τὴν χθεσινὴν ἐκδήλωσιν ὁ πρόεδρος τῆς Βουλῆς κ. Παπασπύρου. Οἱ νέοι ἀπετέλεσαν τὴν πρωτοπορίαν τοῦ ἀγῶνος καὶ εἰς αὐτοὺς ἐστηρίχθη ἡ μαχητικὴ ἡγεσία τοῦ κ. Γ. Παπανδρέου. Αἱ ἐκδηλώσεις τῆς ἑβδομάδος θὰ συνεχισθοῦν μὲ ὁμιλίας καὶ συγκεντρώσεις εἰς ὅλην τὴν χώραν.

Ἡ νίκη τοῦ ἀνενδότου ἀγῶνος εἶναι κυρίως νίκη τῶν νέων, διεκήρυξε κατὰ τὴν χθεσινὴν ἐκδήλωσιν ὁ πρόεδρος τῆς Βουλῆς κ. Παπασπύρου. Οἱ νέοι ἀπετέλεσαν τὴν πρωτοπορίαν τοῦ ἀγῶνος καὶ εἰς αὐτοὺς ἐστηρίχθη ἡ μαχητικὴ ἡγεσία τοῦ κ. Γ. Παπανδρέου. Αἱ ἐκδηλώσεις τῆς ἑβδομάδος θὰ συνεχισθοῦν μὲ ὁμιλίας καὶ συγκεντρώσεις εἰς ὅλην τὴν χώραν.

Ἡ νίκη τοῦ ἀνενδότου ἀγῶνος εἶναι κυρίως νίκη τῶν νέων, διεκήρυξε κατὰ τὴν χθεσινὴν ἐκδήλωσιν ὁ πρόεδρος τῆς Βουλῆς κ. Παπασπύρου. Οἱ νέοι ἀπετέλεσαν τὴν πρωτοπορίαν τοῦ ἀγῶνος καὶ εἰς αὐτοὺς ἐστηρίχθη ἡ μαχητικὴ ἡγεσία τοῦ κ. Γ. Παπανδρέου. Αἱ ἐκδηλώσεις τῆς ἑβδομάδος θὰ συνεχισθοῦν μὲ ὁμιλίας καὶ συγκεντρώσεις εἰς ὅλην τὴν χώραν.

ΤΙΤΑΝΙΟΣ ΑΓΩΝ

Ἡ νίκη τοῦ ἀνενδότου ἀγῶνος εἶναι κυρίως νίκη τῶν νέων, διεκήρυξε κατὰ τὴν χθεσινὴν ἐκδήλωσιν ὁ πρόεδρος τῆς Βουλῆς κ. Παπασπύρου. Οἱ νέοι ἀπετέλεσαν τὴν πρωτοπορίαν τοῦ ἀγῶνος καὶ εἰς αὐτοὺς ἐστηρίχθη ἡ μαχητικὴ ἡγεσία τοῦ κ. Γ. Παπανδρέου. Αἱ ἐκδηλώσεις τῆς ἑβδομάδος θὰ συνεχισθοῦν μὲ ὁμιλίας καὶ συγκεντρώσεις εἰς ὅλην τὴν χώραν.

Ἡ νίκη τοῦ ἀνενδότου ἀγῶνος εἶναι κυρίως νίκη τῶν νέων, διεκήρυξε κατὰ τὴν χθεσινὴν ἐκδήλωσιν ὁ πρόεδρος τῆς Βουλῆς κ. Παπασπύρου. Οἱ νέοι ἀπετέλεσαν τὴν πρωτοπορίαν τοῦ ἀγῶνος καὶ εἰς αὐτοὺς ἐστηρίχθη ἡ μαχητικὴ ἡγεσία τοῦ κ. Γ. Παπανδρέου. Αἱ ἐκδηλώσεις τῆς ἑβδομάδος θὰ συνεχισθοῦν μὲ ὁμιλίας καὶ συγκεντρώσεις εἰς ὅλην τὴν χώραν.

Ἡ νίκη τοῦ ἀνενδότου ἀγῶνος εἶναι κυρίως νίκη τῶν νέων, διεκήρυξε κατὰ τὴν χθεσινὴν ἐκδήλωσιν ὁ πρόεδρος τῆς Βουλῆς κ. Παπασπύρου. Οἱ νέοι ἀπετέλεσαν τὴν πρωτοπορίαν τοῦ ἀγῶνος καὶ εἰς αὐτοὺς ἐστηρίχθη ἡ μαχητικὴ ἡγεσία τοῦ κ. Γ. Παπανδρέου. Αἱ ἐκδηλώσεις τῆς ἑβδομάδος θὰ συνεχισθοῦν μὲ ὁμιλίας καὶ συγκεντρώσεις εἰς ὅλην τὴν χώραν.

ΕΚΛΑΙΡΟΙ ΔΙΑΘΕΣΕΙΣ

Ἡ νίκη τοῦ ἀνενδότου ἀγῶνος εἶναι κυρίως νίκη τῶν νέων, διεκήρυξε κατὰ τὴν χθεσινὴν ἐκδήλωσιν ὁ πρόεδρος τῆς Βουλῆς κ. Παπασπύρου. Οἱ νέοι ἀπετέλεσαν τὴν πρωτοπορίαν τοῦ ἀγῶνος καὶ εἰς αὐτοὺς ἐστηρίχθη ἡ μαχητικὴ ἡγεσία τοῦ κ. Γ. Παπανδρέου. Αἱ ἐκδηλώσεις τῆς ἑβδομάδος θὰ συνεχισθοῦν μὲ ὁμιλίας καὶ συγκεντρώσεις εἰς ὅλην τὴν χώραν.

Ἡ νίκη τοῦ ἀνενδότου ἀγῶνος εἶναι κυρίως νίκη τῶν νέων, διεκήρυξε κατὰ τὴν χθεσινὴν ἐκδήλωσιν ὁ πρόεδρος τῆς Βουλῆς κ. Παπασπύρου. Οἱ νέοι ἀπετέλεσαν τὴν πρωτοπορίαν τοῦ ἀγῶνος καὶ εἰς αὐτοὺς ἐστηρίχθη ἡ μαχητικὴ ἡγεσία τοῦ κ. Γ. Παπανδρέου. Αἱ ἐκδηλώσεις τῆς ἑβδομάδος θὰ συνεχισθοῦν μὲ ὁμιλίας καὶ συγκεντρώσεις εἰς ὅλην τὴν χώραν.

Ἡ νίκη τοῦ ἀνενδότου ἀγῶνος εἶναι κυρίως νίκη τῶν νέων, διεκήρυξε κατὰ τὴν χθεσινὴν ἐκδήλωσιν ὁ πρόεδρος τῆς Βουλῆς κ. Παπασπύρου. Οἱ νέοι ἀπετέλεσαν τὴν πρωτοπορίαν τοῦ ἀγῶνος καὶ εἰς αὐτοὺς ἐστηρίχθη ἡ μαχητικὴ ἡγεσία τοῦ κ. Γ. Παπανδρέου. Αἱ ἐκδηλώσεις τῆς ἑβδομάδος θὰ συνεχισθοῦν μὲ ὁμιλίας καὶ συγκεντρώσεις εἰς ὅλην τὴν χώραν.

Ἡ νίκη τοῦ ἀνενδότου ἀγῶνος εἶναι κυρίως νίκη τῶν νέων, διεκήρυξε κατὰ τὴν χθεσινὴν ἐκδήλωσιν ὁ πρόεδρος τῆς Βουλῆς κ. Παπασπύρου. Οἱ νέοι ἀπετέλεσαν τὴν πρωτοπορίαν τοῦ ἀγῶνος καὶ εἰς αὐτοὺς ἐστηρίχθη ἡ μαχητικὴ ἡγεσία τοῦ κ. Γ. Παπανδρέου. Αἱ ἐκδηλώσεις τῆς ἑβδομάδος θὰ συνεχισθοῦν μὲ ὁμιλίας καὶ συγκεντρώσεις εἰς ὅλην τὴν χώραν.

ΑΠΑΡΑΙΤΗΤΟΣ Η ΕΝΟΤΗΣ

Ἡ νίκη τοῦ ἀνενδότου ἀγῶνος εἶναι κυρίως νίκη τῶν νέων, διεκήρυξε κατὰ τὴν χθεσινὴν ἐκδήλωσιν ὁ πρόεδρος τῆς Βουλῆς κ. Παπασπύρου. Οἱ νέοι ἀπετέλεσαν τὴν πρωτοπορίαν τοῦ ἀγῶνος καὶ εἰς αὐτοὺς ἐστηρίχθη ἡ μαχητικὴ ἡγεσία τοῦ κ. Γ. Παπανδρέου. Αἱ ἐκδηλώσεις τῆς ἑβδομάδος θὰ συνεχισθοῦν μὲ ὁμιλίας καὶ συγκεντρώσεις εἰς ὅλην τὴν χώραν.

Ἡ νίκη τοῦ ἀνενδότου ἀγῶνος εἶναι κυρίως νίκη τῶν νέων, διεκήρυξε κατὰ τὴν χθεσινὴν ἐκδήλωσιν ὁ πρόεδρος τῆς Βουλῆς κ. Παπασπύρου. Οἱ νέοι ἀπετέλεσαν τὴν πρωτοπορίαν τοῦ ἀγῶνος καὶ εἰς αὐτοὺς ἐστηρίχθη ἡ μαχητικὴ ἡγεσία τοῦ κ. Γ. Παπανδρέου. Αἱ ἐκδηλώσεις τῆς ἑβδομάδος θὰ συνεχισθοῦν μὲ ὁμιλίας καὶ συγκεντρώσεις εἰς ὅλην τὴν χώραν.

ΤΕΡΑΣΤΙΟΝ ΧΡΕΟΣ

Ἡ νίκη τοῦ ἀνενδότου ἀγῶνος εἶναι κυρίως νίκη τῶν νέων, διεκήρυξε κατὰ τὴν χθεσινὴν ἐκδήλωσιν ὁ πρόεδρος τῆς Βουλῆς κ. Παπασπύρου. Οἱ νέοι ἀπετέλεσαν τὴν πρωτοπορίαν τοῦ ἀγῶνος καὶ εἰς αὐτοὺς ἐστηρίχθη ἡ μαχητικὴ ἡγεσία τοῦ κ. Γ. Παπανδρέου. Αἱ ἐκδηλώσεις τῆς ἑβδομάδος θὰ συνεχισθοῦν μὲ ὁμιλίας καὶ συγκεντρώσεις εἰς ὅλην τὴν χώραν.

Ἡ νίκη τοῦ ἀνενδότου ἀγῶνος εἶναι κυρίως νίκη τῶν νέων, διεκήρυξε κατὰ τὴν χθεσινὴν ἐκδήλωσιν ὁ πρόεδρος τῆς Βουλῆς κ. Παπασπύρου. Οἱ νέοι ἀπετέλεσαν τὴν πρωτοπορίαν τοῦ ἀγῶνος καὶ εἰς αὐτοὺς ἐστηρίχθη ἡ μαχητικὴ ἡγεσία τοῦ κ. Γ. Παπανδρέου. Αἱ ἐκδηλώσεις τῆς ἑβδομάδος θὰ συνεχισθοῦν μὲ ὁμιλίας καὶ συγκεντρώσεις εἰς ὅλην τὴν χώραν.

ΔΕΗ
Ὁμολογιακὸν Δάνειον 1965
ΔΙΑ ΚΕΦΑΛΑΙΟΝ 800.000.000 ΔΡΑΧΜΩΝ
ΤΟΚΟΣ 6,5 % - ΡΗΤΡΑ ΔΟΛΛΑΡΙΟΥ

Ἡ Διοίκησις τῆς Δημοσίας Ἐπιχειρήσεως Ἠλεκτρισμοῦ γνωστοποιεῖ τὰ ἀκόλουθα λεπτομερῆ στοιχεῖα περὶ τῆς καταστάσεως καὶ τῶν προοπτικῶν τῆς Ἐπιχειρήσεως καὶ περὶ τοῦ νέου αὐτῆς Ὁμολογιακοῦ Δανείου 1965.

ΑΥΞΗΣΙΣ ΕΠΕΝΔΥΣΕΩΝ

Κατὰ τὴν πενταετίαν ἡ Ἐπιχείρησις ἐπέτυχε σημαντικὴν αὔξησιν τῆς παραγωγῆς ἠλεκτρικῆς ἐνεργείας καὶ τῶν ἐσόδων της. Ἡ πρόοδος αὕτη ἐπιτρέπει τὴν ἔκδοσιν νέου ὁμολογιακοῦ δανείου διὰ τὴν χρηματοδότησιν τῶν ἐπενδύσεων τοῦ προγράμματος 1965.

Ἔργα Κρεμαστῶν Ἀχελῴου	520.000.000
Ἔργα Καστρακίου Ἀχελῴου	20.000.000
Τρίτη Μονὰς Πτολεμαΐδος	417.000.000
Ζ' Μονὰς 80.000 Ἀλιβερίου Γεωργίου (Κερατσινίου)	280.000.000
Λοιπὰ ἔργα παραγωγῆς	176.000.000
Ἔργα μεταφορᾶς καὶ μετασχηματισμοῦ	767.000.000
Ἔργα διανομῆς	1.136.000.000
Διάφορα ἄλλα ἔργα	264.000.000
Σύνολον ἐπενδύσεων	3.580.000.000

Κατὰ τὴν πενταετίαν ἡ Ἐπιχείρησις ἐπέτυχε σημαντικὴν αὔξησιν τῆς παραγωγῆς ἠλεκτρικῆς ἐνεργείας καὶ τῶν ἐσόδων της. Ἡ πρόοδος αὕτη ἐπιτρέπει τὴν ἔκδοσιν νέου ὁμολογιακοῦ δανείου διὰ τὴν χρηματοδότησιν τῶν ἐπενδύσεων τοῦ προγράμματος 1965.

Κατὰ τὴν πενταετίαν ἡ Ἐπιχείρησις ἐπέτυχε σημαντικὴν αὔξησιν τῆς παραγωγῆς ἠλεκτρικῆς ἐνεργείας καὶ τῶν ἐσόδων της. Ἡ πρόοδος αὕτη ἐπιτρέπει τὴν ἔκδοσιν νέου ὁμολογιακοῦ δανείου διὰ τὴν χρηματοδότησιν τῶν ἐπενδύσεων τοῦ προγράμματος 1965.

ΟΙΚΟΝΟΜΙΚΗ ΕΞΕΛΙΞΙΣ

Κατὰ τὴν πενταετίαν ἡ Ἐπιχείρησις ἐπέτυχε σημαντικὴν αὔξησιν τῆς παραγωγῆς ἠλεκτρικῆς ἐνεργείας καὶ τῶν ἐσόδων της. Ἡ πρόοδος αὕτη ἐπιτρέπει τὴν ἔκδοσιν νέου ὁμολογιακοῦ δανείου διὰ τὴν χρηματοδότησιν τῶν ἐπενδύσεων τοῦ προγράμματος 1965.

Κατὰ τὴν πενταετίαν ἡ Ἐπιχείρησις ἐπέτυχε σημαντικὴν αὔξησιν τῆς παραγωγῆς ἠλεκτρικῆς ἐνεργείας καὶ τῶν ἐσόδων της. Ἡ πρόοδος αὕτη ἐπιτρέπει τὴν ἔκδοσιν νέου ὁμολογιακοῦ δανείου διὰ τὴν χρηματοδότησιν τῶν ἐπενδύσεων τοῦ προγράμματος 1965.

ΠΛΕΟΝΕΚΤΗΜΑΤΑ ΤΟΥ ΔΑΝΕΙΟΥ

Κατὰ τὴν πενταετίαν ἡ Ἐπιχείρησις ἐπέτυχε σημαντικὴν αὔξησιν τῆς παραγωγῆς ἠλεκτρικῆς ἐνεργείας καὶ τῶν ἐσόδων της. Ἡ πρόοδος αὕτη ἐπιτρέπει τὴν ἔκδοσιν νέου ὁμολογιακοῦ δανείου διὰ τὴν χρηματοδότησιν τῶν ἐπενδύσεων τοῦ προγράμματος 1965.

ΤΟΚΟΣ: Ὁ τόκος 6,5%, ἀπαλλασσόμενος παντὸς φόρου, πληρώνεται ἐξαμηνιαίως.

ΑΣΦΑΛΕΙΑ: Ἡ πλήρης ἐξόφλησις ἐγγυᾶται ὑπὸ τοῦ Ἑλληνικοῦ Δημοσίου.

ΑΛΛΑ ΠΡΟΝΟΜΙΑ: Αἱ ὁμολογίαι εἶναι ἀνώνυμοι καὶ γίνονται δεκταὶ ὡς ἐγγυήσεις.

ΕΓΓΡΑΦΑΙ — ΠΡΟΕΓΓΡΑΦΑΙ

Κατὰ τὴν πενταετίαν ἡ Ἐπιχείρησις ἐπέτυχε σημαντικὴν αὔξησιν τῆς παραγωγῆς ἠλεκτρικῆς ἐνεργείας καὶ τῶν ἐσόδων της. Ἡ πρόοδος αὕτη ἐπιτρέπει τὴν ἔκδοσιν νέου ὁμολογιακοῦ δανείου διὰ τὴν χρηματοδότησιν τῶν ἐπενδύσεων τοῦ προγράμματος 1965.

Κατὰ τὴν πενταετίαν ἡ Ἐπιχείρησις ἐπέτυχε σημαντικὴν αὔξησιν τῆς παραγωγῆς ἠλεκτρικῆς ἐνεργείας καὶ τῶν ἐσόδων της. Ἡ πρόοδος αὕτη ἐπιτρέπει τὴν ἔκδοσιν νέου ὁμολογιακοῦ δανείου διὰ τὴν χρηματοδότησιν τῶν ἐπενδύσεων τοῦ προγράμματος 1965.

ΕΚ ΤΗΣ ΔΙΟΙΚΗΣΕΩΣ

ΤΗΣ ΔΗΜΟΣΙΑΣ ΕΠΙΧΕΙΡΗΣΕΩΣ ΗΛΕΚΤΡΙΣΜΟΥ

Σελὶς 5

Η ΒΑΣΙΛΙΚΗ ΕΠΙΣΚΕΨΙΣ ΕΙΣ ΒΟΝΝΗΝ

100.000 Δυτικογερμανοὶ ὑπεδέχθησαν ἐνθουσιωδῶς τὴν βασίλισσαν Ἐλισάβετ
ΨΥΧΡΑ, ΟΜΩΣ, ΥΠΗΡΞΕΝ Η ΥΠΟΔΟΧΗ ΕΙΣ ΤΟ ΑΕΡΟΔΡΟΜΙΟΝ, ΔΙΟΤΙ ΕΠΕΣΤΗΘΗ ΕΙΣ ΑΥΤΟΥΣ ΝΑ ΑΠΟΦΥΓΟΥΝ ΤΟΝ ΧΑΙΡΕΤΙΣΜΟΝ ΧΑΪ'Λ.– ΕΠΙΠΤΕ ΒΡΟΧΗ.–

ΒΟΝΝΗ, 18 (Ρόυτερ). — Ἑκατὸν χιλιάδες Δυτικογερμανοὶ ὑπεδέχθησαν ἐνθουσιωδῶς τὴν βασίλισσαν Ἐλισάβετ, ἡ ὁποία ἔφθασε χθὲς εἰς τὴν Βόννην διὰ τὴν πρώτην ἐπίσημον ἐπίσκεψιν βρεταννοῦ μονάρχου μετὰ τὸν πόλεμον. Εἰς τὸ ἀεροδρόμιον ἡ ὑποδοχὴ ὑπῆρξεν ψυχρά.

ΒΟΝΝΗ, 18 (Ρόυτερ). — Ἑκατὸν χιλιάδες Δυτικογερμανοὶ ὑπεδέχθησαν ἐνθουσιωδῶς τὴν βασίλισσαν Ἐλισάβετ, ἡ ὁποία ἔφθασε χθὲς εἰς τὴν Βόννην διὰ τὴν πρώτην ἐπίσημον ἐπίσκεψιν βρεταννοῦ μονάρχου μετὰ τὸν πόλεμον. Εἰς τὸ ἀεροδρόμιον ἡ ὑποδοχὴ ὑπῆρξεν ψυχρά.

ΒΟΝΝΗ, 18 (Ρόυτερ). — Ἑκατὸν χιλιάδες Δυτικογερμανοὶ ὑπεδέχθησαν ἐνθουσιωδῶς τὴν βασίλισσαν Ἐλισάβετ, ἡ ὁποία ἔφθασε χθὲς εἰς τὴν Βόννην διὰ τὴν πρώτην ἐπίσημον ἐπίσκεψιν βρεταννοῦ μονάρχου μετὰ τὸν πόλεμον. Εἰς τὸ ἀεροδρόμιον ἡ ὑποδοχὴ ὑπῆρξεν ψυχρά.

ΑΠΟΛΥΤΟΣ ΣΙΓΗ

ΒΟΝΝΗ, 18 (Ρόυτερ). — Ἑκατὸν χιλιάδες Δυτικογερμανοὶ ὑπεδέχθησαν ἐνθουσιωδῶς τὴν βασίλισσαν Ἐλισάβετ, ἡ ὁποία ἔφθασε χθὲς εἰς τὴν Βόννην διὰ τὴν πρώτην ἐπίσημον ἐπίσκεψιν βρεταννοῦ μονάρχου μετὰ τὸν πόλεμον. Εἰς τὸ ἀεροδρόμιον ἡ ὑποδοχὴ ὑπῆρξεν ψυχρά.

ΑΙ ΝΕΩΤΕΡΑΙ ΕΦΕΥΡΕΣΕΙΣ

ΡΑΔΙΟΦΩΝΑ ΜΕΓΕΘΟΥΣ ΩΡΟΛΟΓΙΟΥ ΘΑ ΤΕΘΟΥΝ ΠΡΟΣΕΧΩΣ ΕΙΣ ΔΙΑΘΕΣΙΝ ΤΩΝ ΚΑΤΑΝΑΛΩΤΩΝ
ΘΑ ΛΕΙΤΟΥΡΓΟΥΝ ΜΕ ΤΗΝ ΘΕΡΜΟΤΗΤΑ ΤΗΝ ΕΚΠΕΜΠΟΜΕΝΗΝ ΥΠΟ ΤΟΥ ΣΩΜΑΤΟΣ
ΣΥΝΕΛΗΦΘΗ Η ΓΙΟΥΓΚΟΣΛΑΒΙΚΗ ΚΥΒΕΡΝΗΣΙΣ

ΝΕΑ ΥΟΡΚΗ, 18 (Ρόυτερ). — Ραδιόφωνα μεγέθους ὡρολογίου, τὰ ὁποῖα θὰ λειτουργοῦν μὲ τὴν θερμότητα τὴν ἐκπεμπομένην ὑπὸ τοῦ ἀνθρωπίνου σώματος, θὰ τεθοῦν προσεχῶς εἰς διάθεσιν τῶν καταναλωτῶν, ἀνεκοίνωσεν ἀμερικανικὴ ἑταιρεία ἠλεκτρονικῶν.

ΑΜΕΡΙΚΑΝΟΠΑΙΔΕΣ ΕΘΕΣΑΝ ΠΥΡ ΕΙΣ ΤΗΝ ΘΕΡΜΗΝ ΓΡΑΜΜΗΝ

ΝΕΑ ΥΟΡΚΗ, 18 (Ρόυτερ). — Ραδιόφωνα μεγέθους ὡρολογίου, τὰ ὁποῖα θὰ λειτουργοῦν μὲ τὴν θερμότητα τὴν ἐκπεμπομένην ὑπὸ τοῦ ἀνθρωπίνου σώματος, θὰ τεθοῦν προσεχῶς εἰς διάθεσιν τῶν καταναλωτῶν, ἀνεκοίνωσεν ἀμερικανικὴ ἑταιρεία ἠλεκτρονικῶν.

ΝΕΑ ΥΟΡΚΗ, 18 (Ρόυτερ). — Ραδιόφωνα μεγέθους ὡρολογίου, τὰ ὁποῖα θὰ λειτουργοῦν μὲ τὴν θερμότητα τὴν ἐκπεμπομένην ὑπὸ τοῦ ἀνθρωπίνου σώματος, θὰ τεθοῦν προσεχῶς εἰς διάθεσιν τῶν καταναλωτῶν, ἀνεκοίνωσεν ἀμερικανικὴ ἑταιρεία ἠλεκτρονικῶν.

ΝΕΑ ΥΟΡΚΗ, 18 (Ρόυτερ). — Ραδιόφωνα μεγέθους ὡρολογίου, τὰ ὁποῖα θὰ λειτουργοῦν μὲ τὴν θερμότητα τὴν ἐκπεμπομένην ὑπὸ τοῦ ἀνθρωπίνου σώματος, θὰ τεθοῦν προσεχῶς εἰς διάθεσιν τῶν καταναλωτῶν, ἀνεκοίνωσεν ἀμερικανικὴ ἑταιρεία ἠλεκτρονικῶν.

ΝΕΑ ΥΟΡΚΗ, 18 (Ρόυτερ). — Ραδιόφωνα μεγέθους ὡρολογίου, τὰ ὁποῖα θὰ λειτουργοῦν μὲ τὴν θερμότητα τὴν ἐκπεμπομένην ὑπὸ τοῦ ἀνθρωπίνου σώματος, θὰ τεθοῦν προσεχῶς εἰς διάθεσιν τῶν καταναλωτῶν, ἀνεκοίνωσεν ἀμερικανικὴ ἑταιρεία ἠλεκτρονικῶν.

Δι' ἐκκλήσεως τῆς κυβερνήσεως

ΑΙ ΗΝΩΜ. ΠΟΛΙΤΕΙΑΙ ΠΡΟΣΠΑΘΟΥΝ ΝΑ ΠΕΡΙΟΡΙΣΟΥΝ ΤΗΝ ΔΙΑΡΡΟΗΝ ΔΟΛΛΑΡΙΩΝ ΕΙΣ ΤΟ ΕΞΩΤΕΡΙΚΟΝ

Διατρέχει ἀμέσου κινδύνου τὸ μετατρέψιμον συνάλλαγμα

Ο ΡΟΛΟΣ ΤΟΥ ΙΔΙΩΤΙΚΟΥ ΚΕΦΑΛΑΙΟΥ
ΚΑΙ ΝΕΟΝ ΠΥΡΑΥΛΟΝ ΤΥΠΟΥ «ΠΗΓΑΣΟΣ», ΘΑ ΕΚΤΟΞΕΥΣΟΥΝ ΑΙ ΗΝ. ΠΟΛΙΤΕΙΑΙ

ΝΕΑ ΥΟΡΚΗ, 18 (Ρόυτερ). — Ραδιόφωνα μεγέθους ὡρολογίου, τὰ ὁποῖα θὰ λειτουργοῦν μὲ τὴν θερμότητα τὴν ἐκπεμπομένην ὑπὸ τοῦ ἀνθρωπίνου σώματος, θὰ τεθοῦν προσεχῶς εἰς διάθεσιν τῶν καταναλωτῶν, ἀνεκοίνωσεν ἀμερικανικὴ ἑταιρεία ἠλεκτρονικῶν.

ΟΙ ΤΟΥΡΚΟΙ ΑΓΝΟΟΥΝ ΤΟΝ ΗΛΕΚΤΡΟΦΩΤΙΣΜΟΝ

ΝΕΑ ΥΟΡΚΗ, 18 (Ρόυτερ). — Ραδιόφωνα μεγέθους ὡρολογίου, τὰ ὁποῖα θὰ λειτουργοῦν μὲ τὴν θερμότητα τὴν ἐκπεμπομένην ὑπὸ τοῦ ἀνθρωπίνου σώματος, θὰ τεθοῦν προσεχῶς εἰς διάθεσιν τῶν καταναλωτῶν, ἀνεκοίνωσεν ἀμερικανικὴ ἑταιρεία ἠλεκτρονικῶν.

ΝΕΑ ΥΟΡΚΗ, 18 (Ρόυτερ). — Ραδιόφωνα μεγέθους ὡρολογίου, τὰ ὁποῖα θὰ λειτουργοῦν μὲ τὴν θερμότητα τὴν ἐκπεμπομένην ὑπὸ τοῦ ἀνθρωπίνου σώματος, θὰ τεθοῦν προσεχῶς εἰς διάθεσιν τῶν καταναλωτῶν, ἀνεκοίνωσεν ἀμερικανικὴ ἑταιρεία ἠλεκτρονικῶν.

ΝΕΑ ΥΟΡΚΗ, 18 (Ρόυτερ). — Ραδιόφωνα μεγέθους ὡρολογίου, τὰ ὁποῖα θὰ λειτουργοῦν μὲ τὴν θερμότητα τὴν ἐκπεμπομένην ὑπὸ τοῦ ἀνθρωπίνου σώματος, θὰ τεθοῦν προσεχῶς εἰς διάθεσιν τῶν καταναλωτῶν, ἀνεκοίνωσεν ἀμερικανικὴ ἑταιρεία ἠλεκτρονικῶν.

ΝΕΑ ΥΟΡΚΗ, 18 (Ρόυτερ). — Ραδιόφωνα μεγέθους ὡρολογίου, τὰ ὁποῖα θὰ λειτουργοῦν μὲ τὴν θερμότητα τὴν ἐκπεμπομένην ὑπὸ τοῦ ἀνθρωπίνου σώματος, θὰ τεθοῦν προσεχῶς εἰς διάθεσιν τῶν καταναλωτῶν, ἀνεκοίνωσεν ἀμερικανικὴ ἑταιρεία ἠλεκτρονικῶν.

Ο κ. ΣΠΑΝΟΡΡΗΓΑΣ ΜΕΤΑΒΑΙΝΕΙ ΕΙΣ ΤΟ ΠΑΡΙΣΙ ΔΙΑ ΝΑ ΜΕΤΑΣΗ ΤΗΣ ΣΥΣΚΕΨΕΙΣ ΤΗΣ ΟΙΚΟΝΟΜΙΚΗΣ ΕΠΙΤΡΟΠΗΣ ΤΟΥ Ν.Α.Τ.Ο.

ΝΕΑ ΥΟΡΚΗ, 18 (Ρόυτερ). — Ραδιόφωνα μεγέθους ὡρολογίου, τὰ ὁποῖα θὰ λειτουργοῦν μὲ τὴν θερμότητα τὴν ἐκπεμπομένην ὑπὸ τοῦ ἀνθρωπίνου σώματος, θὰ τεθοῦν προσεχῶς εἰς διάθεσιν τῶν καταναλωτῶν, ἀνεκοίνωσεν ἀμερικανικὴ ἑταιρεία ἠλεκτρονικῶν.

Ο ΟΥ ΘΑΝΤ ΩΜΙΛΗΣΕΝ ΑΠΟ ΤΗΛΕΟΡΑΣΕΩΣ ΜΕΣΩ ΤΟΥ ΔΟΡΥΦΟΡΟΥ «ΕΡΛΥ ΜΠΕΡΝΤ» ΠΡΟΣ ΤΟ ΤΗΛΕΠΙΚΟΙΝΩΝΙΑΚΟΝ ΣΥΝΕΔΡΙΟΝ

ΝΕΑ ΥΟΡΚΗ, 18 (Ρόυτερ). — Ραδιόφωνα μεγέθους ὡρολογίου, τὰ ὁποῖα θὰ λειτουργοῦν μὲ τὴν θερμότητα τὴν ἐκπεμπομένην ὑπὸ τοῦ ἀνθρωπίνου σώματος, θὰ τεθοῦν προσεχῶς εἰς διάθεσιν τῶν καταναλωτῶν, ἀνεκοίνωσεν ἀμερικανικὴ ἑταιρεία ἠλεκτρονικῶν.

ΦΑΡΜΑΚΑ ΚΑΙ ΕΦΟΔΙΑ ΑΠΟΣΤΕΛΛΕΙ Ο ΕΡΥΘΡΟΣ ΣΤΑΥΡΟΣ ΕΙΣ ΤΟΥΣ ΠΛΗΓΕΝΤΑΣ ΕΚ ΤΟΥ ΚΥΚΛΩΝΟΣ ΕΙΣ ΠΑΚΙΣΤΑΝ

ΝΕΑ ΥΟΡΚΗ, 18 (Ρόυτερ). — Ραδιόφωνα μεγέθους ὡρολογίου, τὰ ὁποῖα θὰ λειτουργοῦν μὲ τὴν θερμότητα τὴν ἐκπεμπομένην ὑπὸ τοῦ ἀνθρωπίνου σώματος, θὰ τεθοῦν προσεχῶς εἰς διάθεσιν τῶν καταναλωτῶν, ἀνεκοίνωσεν ἀμερικανικὴ ἑταιρεία ἠλεκτρονικῶν.

Η ΕΡΥΘΡΑ ΚΙΝΑ ΕΚΠΑΙΔΕΥΕΙ ΣΤΡΑΤΙΩΤΙΚΩΣ ΚΑΙ ΜΑΘΗΤΑΣ ΤΩΝ ΔΗΜΟΤΙΚΩΝ ΣΧΟΛΕΙΩΝ

ΝΕΑ ΥΟΡΚΗ, 18 (Ρόυτερ). — Ραδιόφωνα μεγέθους ὡρολογίου, τὰ ὁποῖα θὰ λειτουργοῦν μὲ τὴν θερμότητα τὴν ἐκπεμπομένην ὑπὸ τοῦ ἀνθρωπίνου σώματος, θὰ τεθοῦν προσεχῶς εἰς διάθεσιν τῶν καταναλωτῶν, ἀνεκοίνωσεν ἀμερικανικὴ ἑταιρεία ἠλεκτρονικῶν.
